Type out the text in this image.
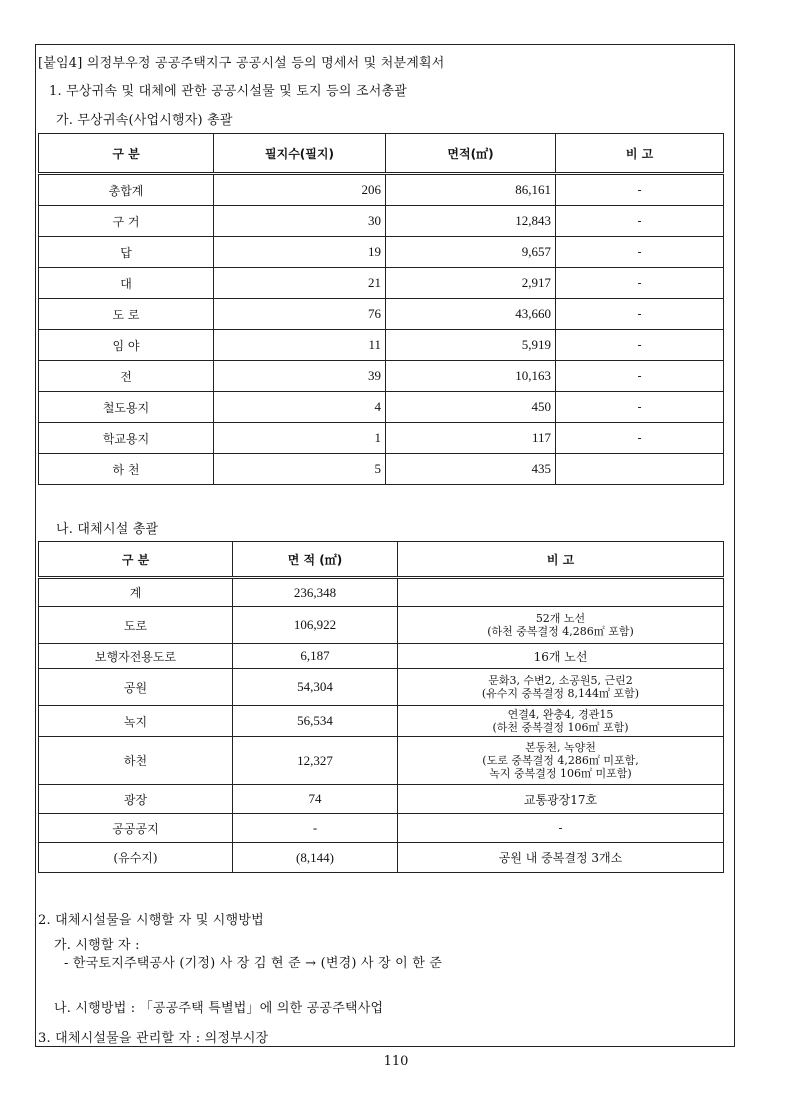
[붙임4] 의정부우정 공공주택지구 공공시설 등의 명세서 및 처분계획서
1. 무상귀속 및 대체에 관한 공공시설물 및 토지 등의 조서총괄
가. 무상귀속(사업시행자) 총괄
구 분	필지수(필지)	면적(㎡)	비 고
총합계	206	86,161	-
구 거	30	12,843	-
답	19	9,657	-
대	21	2,917	-
도 로	76	43,660	-
임 야	11	5,919	-
전	39	10,163	-
철도용지	4	450	-
학교용지	1	117	-
하 천	5	435	
나. 대체시설 총괄
구 분	면 적 (㎡)	비 고
계	236,348	
도로	106,922	52개 노선
(하천 중복결정 4,286㎡ 포함)

보행자전용도로	6,187	16개 노선

공원	54,304	문화3, 수변2, 소공원5, 근린2
(유수지 중복결정 8,144㎡ 포함)

녹지	56,534	연결4, 완충4, 경관15
(하천 중복결정 106㎡ 포함)

하천	12,327	본동천, 녹양천
(도로 중복결정 4,286㎡ 미포함,
녹지 중복결정 106㎡ 미포함)

광장	74	교통광장17호

공공공지	-	-

(유수지)	(8,144)	공원 내 중복결정 3개소
2. 대체시설물을 시행할 자 및 시행방법
가. 시행할 자 :
- 한국토지주택공사 (기정) 사 장 김 현 준 → (변경) 사 장 이 한 준
나. 시행방법 : 「공공주택 특별법」에 의한 공공주택사업
3. 대체시설물을 관리할 자 : 의정부시장
110
